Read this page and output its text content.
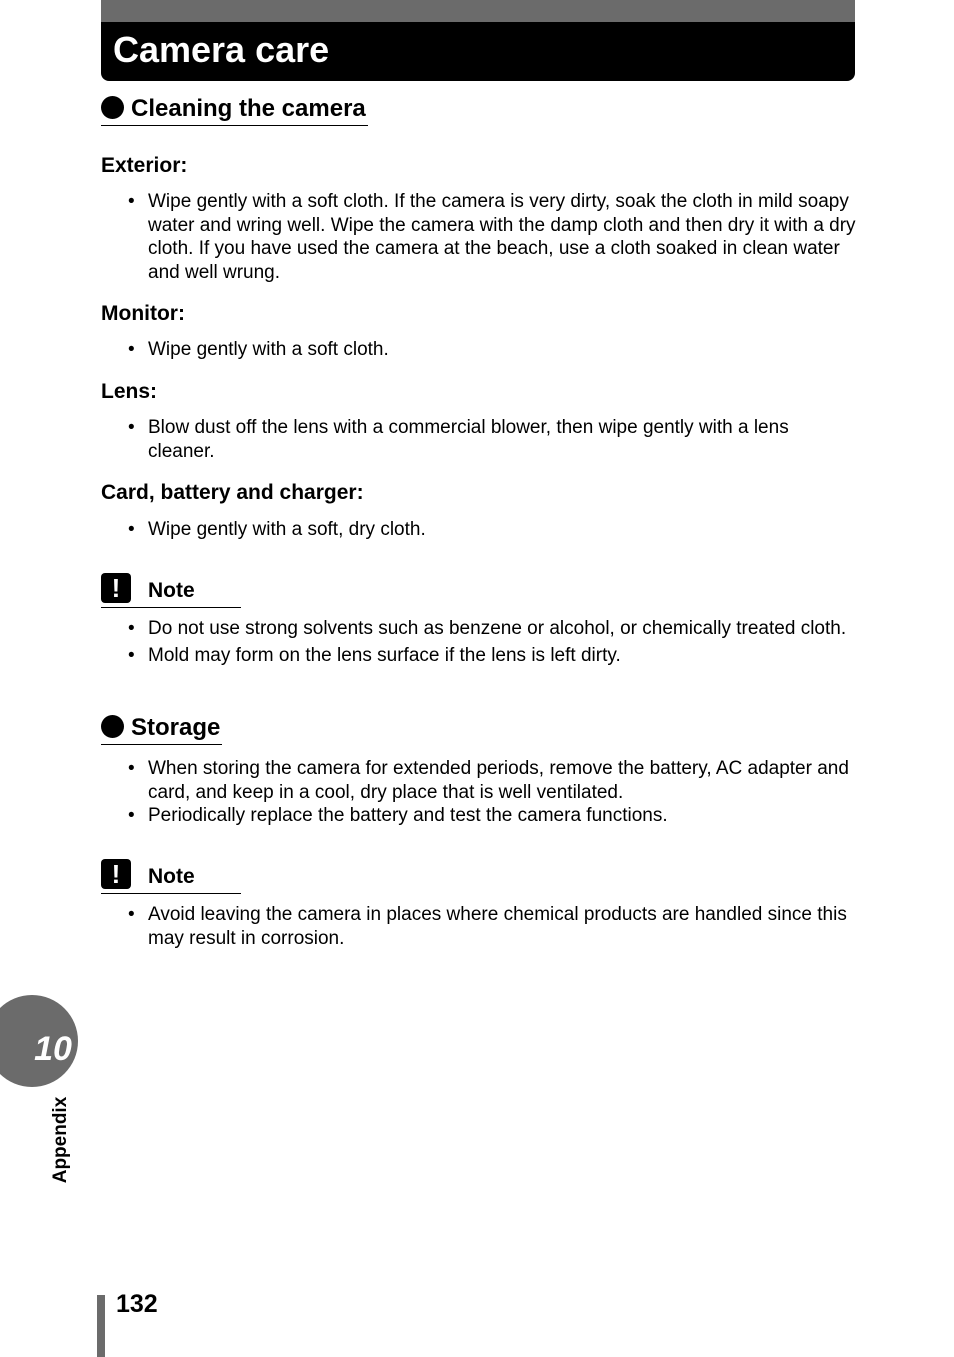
Camera care
Cleaning the camera
Exterior:
• Wipe gently with a soft cloth. If the camera is very dirty, soak the cloth in mild soapy water and wring well. Wipe the camera with the damp cloth and then dry it with a dry cloth. If you have used the camera at the beach, use a cloth soaked in clean water and well wrung.
Monitor:
• Wipe gently with a soft cloth.
Lens:
• Blow dust off the lens with a commercial blower, then wipe gently with a lens cleaner.
Card, battery and charger:
• Wipe gently with a soft, dry cloth.
!	Note
• Do not use strong solvents such as benzene or alcohol, or chemically treated cloth.
• Mold may form on the lens surface if the lens is left dirty.
Storage
• When storing the camera for extended periods, remove the battery, AC adapter and card, and keep in a cool, dry place that is well ventilated.
• Periodically replace the battery and test the camera functions.
!	Note
• Avoid leaving the camera in places where chemical products are handled since this may result in corrosion.
10
Appendix
132
